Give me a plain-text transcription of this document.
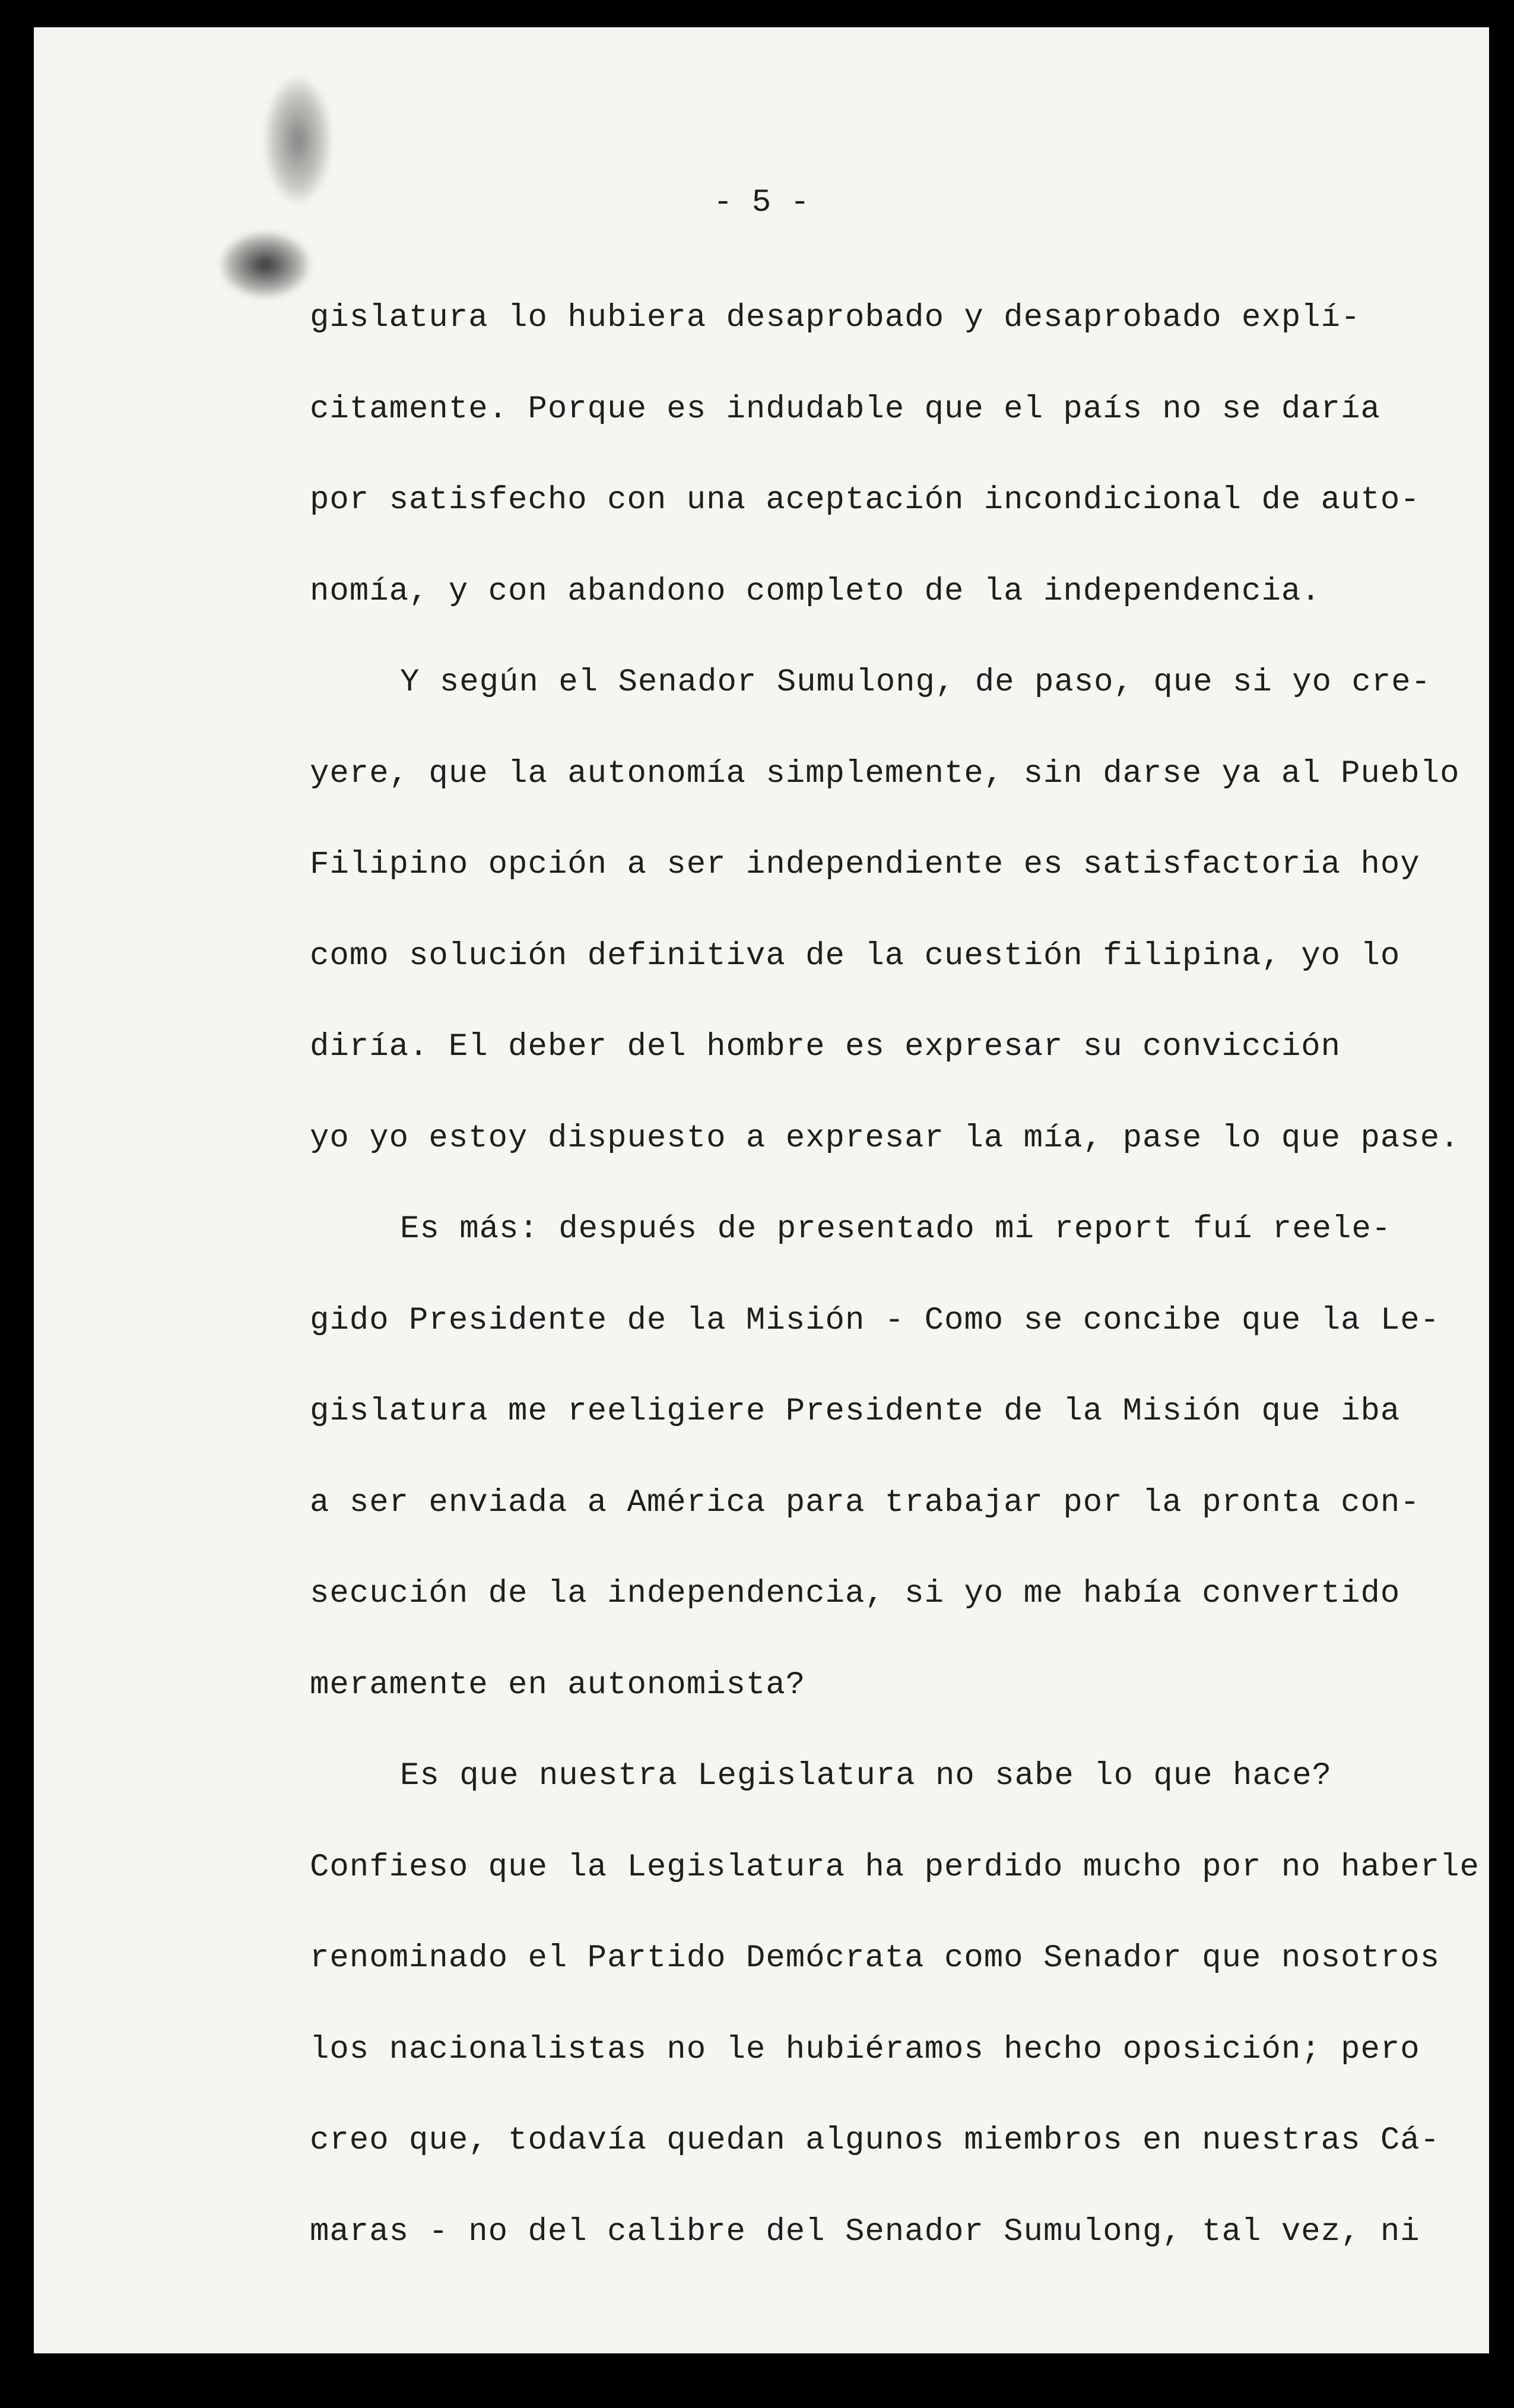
- 5 -
gislatura lo hubiera desaprobado y desaprobado explí-
citamente. Porque es indudable que el país no se daría
por satisfecho con una aceptación incondicional de auto-
nomía, y con abandono completo de la independencia.
Y según el Senador Sumulong, de paso, que si yo cre-
yere, que la autonomía simplemente, sin darse ya al Pueblo
Filipino opción a ser independiente es satisfactoria hoy
como solución definitiva de la cuestión filipina, yo lo
diría. El deber del hombre es expresar su convicción
yo yo estoy dispuesto a expresar la mía, pase lo que pase.
Es más: después de presentado mi report fuí reele-
gido Presidente de la Misión - Como se concibe que la Le-
gislatura me reeligiere Presidente de la Misión que iba
a ser enviada a América para trabajar por la pronta con-
secución de la independencia, si yo me había convertido
meramente en autonomista?
Es que nuestra Legislatura no sabe lo que hace?
Confieso que la Legislatura ha perdido mucho por no haberle
renominado el Partido Demócrata como Senador que nosotros
los nacionalistas no le hubiéramos hecho oposición; pero
creo que, todavía quedan algunos miembros en nuestras Cá-
maras - no del calibre del Senador Sumulong, tal vez, ni
